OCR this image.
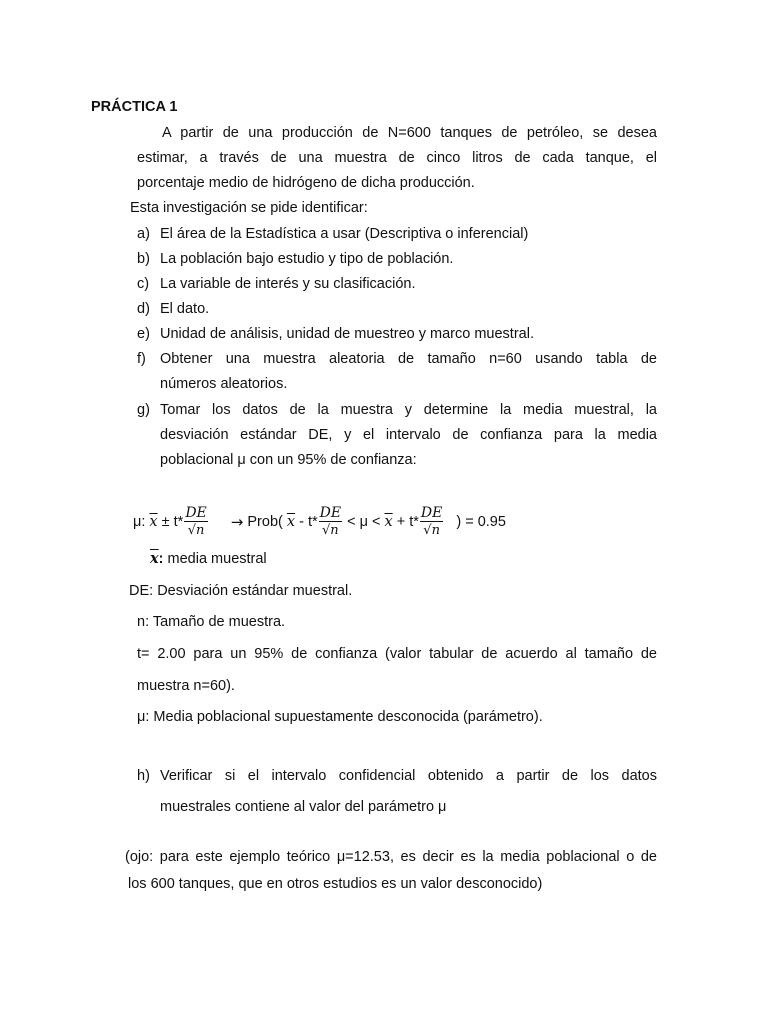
PRÁCTICA 1
A partir de una producción de N=600 tanques de petróleo, se desea
estimar, a través de una muestra de cinco litros de cada tanque, el
porcentaje medio de hidrógeno de dicha producción.
Esta investigación se pide identificar:
a) El área de la Estadística a usar (Descriptiva o inferencial)
b) La población bajo estudio y tipo de población.
c) La variable de interés y su clasificación.
d) El dato.
e) Unidad de análisis, unidad de muestreo y marco muestral.
f) Obtener una muestra aleatoria de tamaño n=60 usando tabla de
números aleatorios.
g) Tomar los datos de la muestra y determine la media muestral, la
desviación estándar DE, y el intervalo de confianza para la media
poblacional μ con un 95% de confianza:
μ:
$\overline{x}$
± $t* \frac{DE}{√n}$ →
Prob(
$\overline{x}$
- $t* \frac{DE}{√n}$
< μ <
$\overline{x}$
+ $t* \frac{DE}{√n}$ ) = 0.95
$\overline{x}$: media muestral
DE: Desviación estándar muestral.
n: Tamaño de muestra.
t= 2.00 para un 95% de confianza (valor tabular de acuerdo al tamaño de
muestra n=60).
μ: Media poblacional supuestamente desconocida (parámetro).
h) Verificar si el intervalo confidencial obtenido a partir de los datos
muestrales contiene al valor del parámetro μ
(ojo: para este ejemplo teórico μ=12.53, es decir es la media poblacional o de
los 600 tanques, que en otros estudios es un valor desconocido)
